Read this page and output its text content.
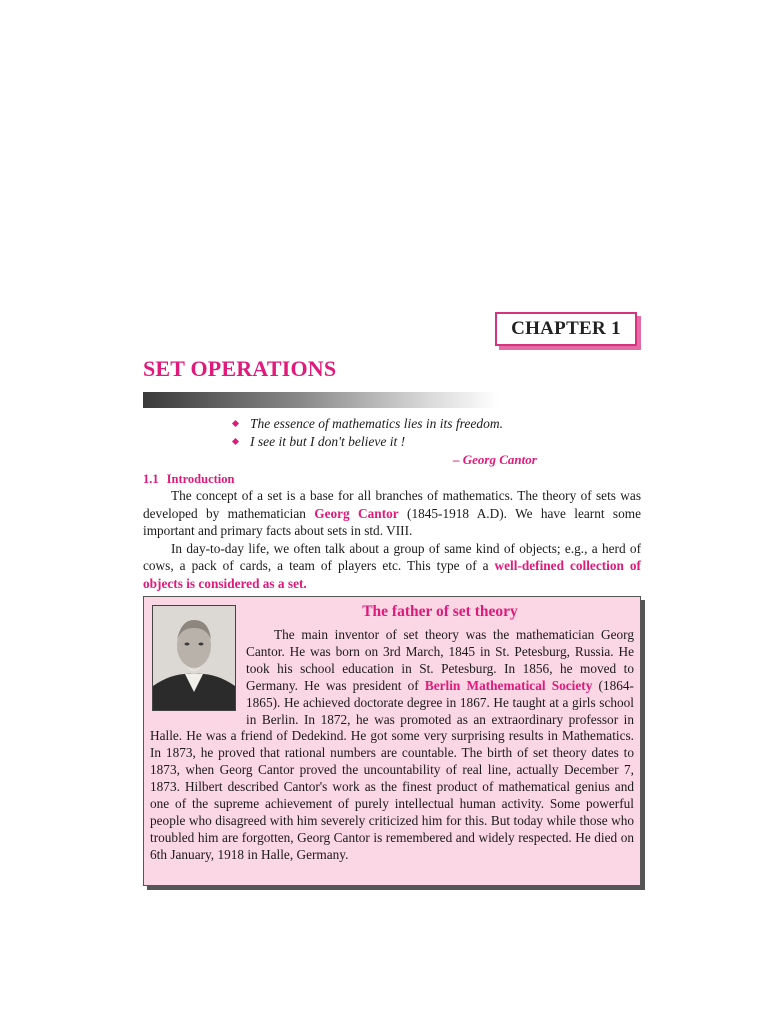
CHAPTER
1
SET OPERATIONS
The essence of mathematics lies in its freedom.
I see it but I don't believe it !
– Georg Cantor
1.1 Introduction

The concept of a set is a base for all branches of mathematics. The theory of sets was developed by mathematician Georg Cantor (1845-1918 A.D). We have learnt some important and primary facts about sets in std. VIII.

In day-to-day life, we often talk about a group of same kind of objects; e.g., a herd of cows, a pack of cards, a team of players etc. This type of a well-defined collection of objects is considered as a set.

The father of set theory

The main inventor of set theory was the mathematician Georg Cantor. He was born on 3rd March, 1845 in St. Petesburg, Russia. He took his school education in St. Petesburg. In 1856, he moved to Germany. He was president of Berlin Mathematical Society (1864-1865). He achieved doctorate degree in 1867. He taught at a girls school in Berlin. In 1872, he was promoted as an extraordinary professor in Halle. He was a friend of Dedekind. He got some very surprising results in Mathematics. In 1873, he proved that rational numbers are countable. The birth of set theory dates to 1873, when Georg Cantor proved the uncountability of real line, actually December 7, 1873. Hilbert described Cantor's work as the finest product of mathematical genius and one of the supreme achievement of purely intellectual human activity. Some powerful people who disagreed with him severely criticized him for this. But today while those who troubled him are forgotten, Georg Cantor is remembered and widely respected. He died on 6th January, 1918 in Halle, Germany.
